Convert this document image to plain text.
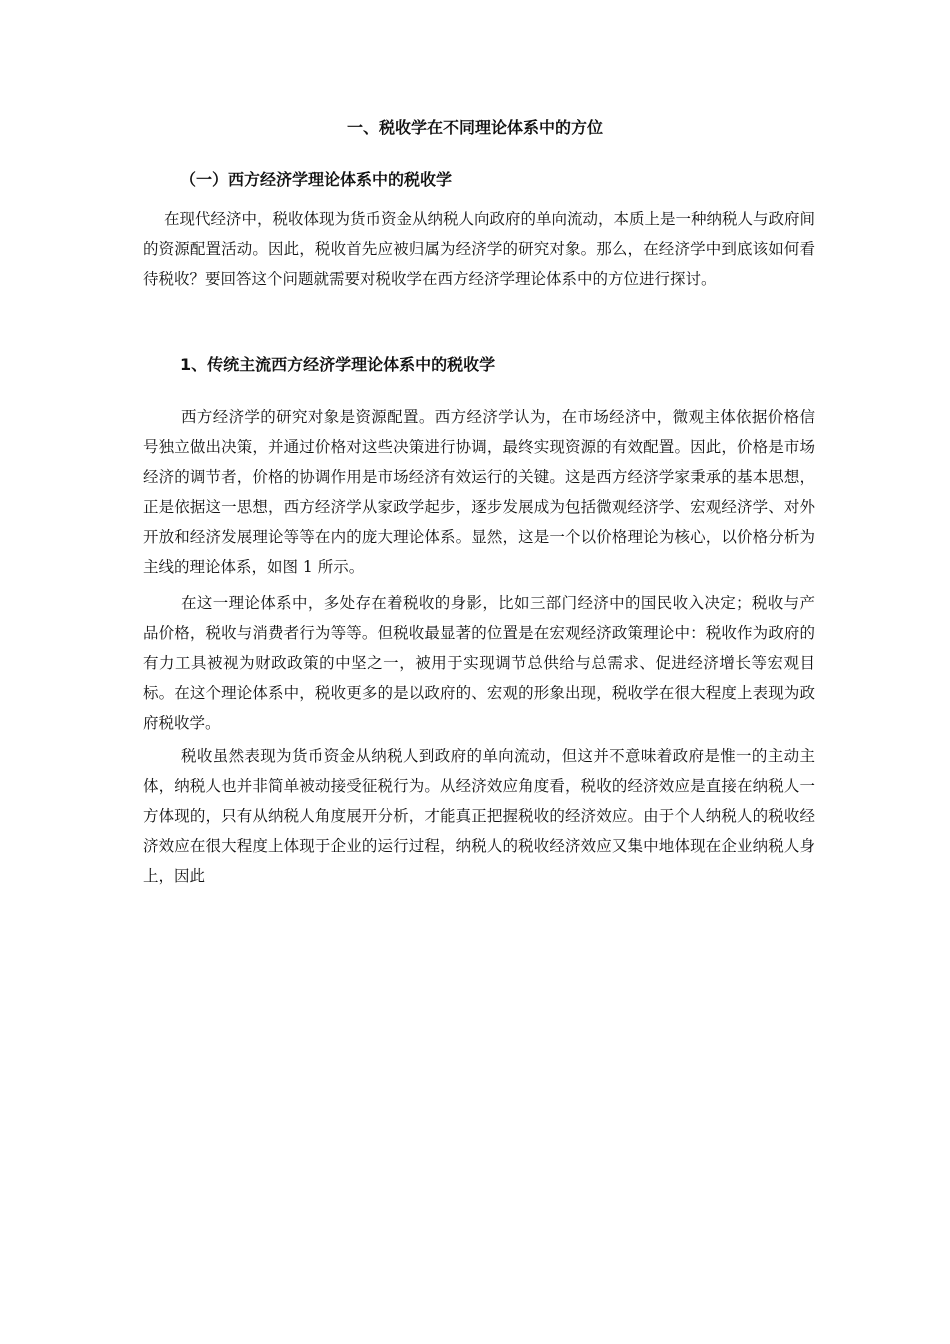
一、税收学在不同理论体系中的方位
（一）西方经济学理论体系中的税收学

在现代经济中，税收体现为货币资金从纳税人向政府的单向流动，本质上是一种纳税人与政府间的资源配置活动。因此，税收首先应被归属为经济学的研究对象。那么，在经济学中到底该如何看待税收？要回答这个问题就需要对税收学在西方经济学理论体系中的方位进行探讨。

1、传统主流西方经济学理论体系中的税收学

西方经济学的研究对象是资源配置。西方经济学认为，在市场经济中，微观主体依据价格信号独立做出决策，并通过价格对这些决策进行协调，最终实现资源的有效配置。因此，价格是市场经济的调节者，价格的协调作用是市场经济有效运行的关键。这是西方经济学家秉承的基本思想，正是依据这一思想，西方经济学从家政学起步，逐步发展成为包括微观经济学、宏观经济学、对外开放和经济发展理论等等在内的庞大理论体系。显然，这是一个以价格理论为核心，以价格分析为主线的理论体系，如图 1 所示。

在这一理论体系中，多处存在着税收的身影，比如三部门经济中的国民收入决定；税收与产品价格，税收与消费者行为等等。但税收最显著的位置是在宏观经济政策理论中：税收作为政府的有力工具被视为财政政策的中坚之一，被用于实现调节总供给与总需求、促进经济增长等宏观目标。在这个理论体系中，税收更多的是以政府的、宏观的形象出现，税收学在很大程度上表现为政府税收学。

税收虽然表现为货币资金从纳税人到政府的单向流动，但这并不意味着政府是惟一的主动主体，纳税人也并非简单被动接受征税行为。从经济效应角度看，税收的经济效应是直接在纳税人一方体现的，只有从纳税人角度展开分析，才能真正把握税收的经济效应。由于个人纳税人的税收经济效应在很大程度上体现于企业的运行过程，纳税人的税收经济效应又集中地体现在企业纳税人身上，因此
